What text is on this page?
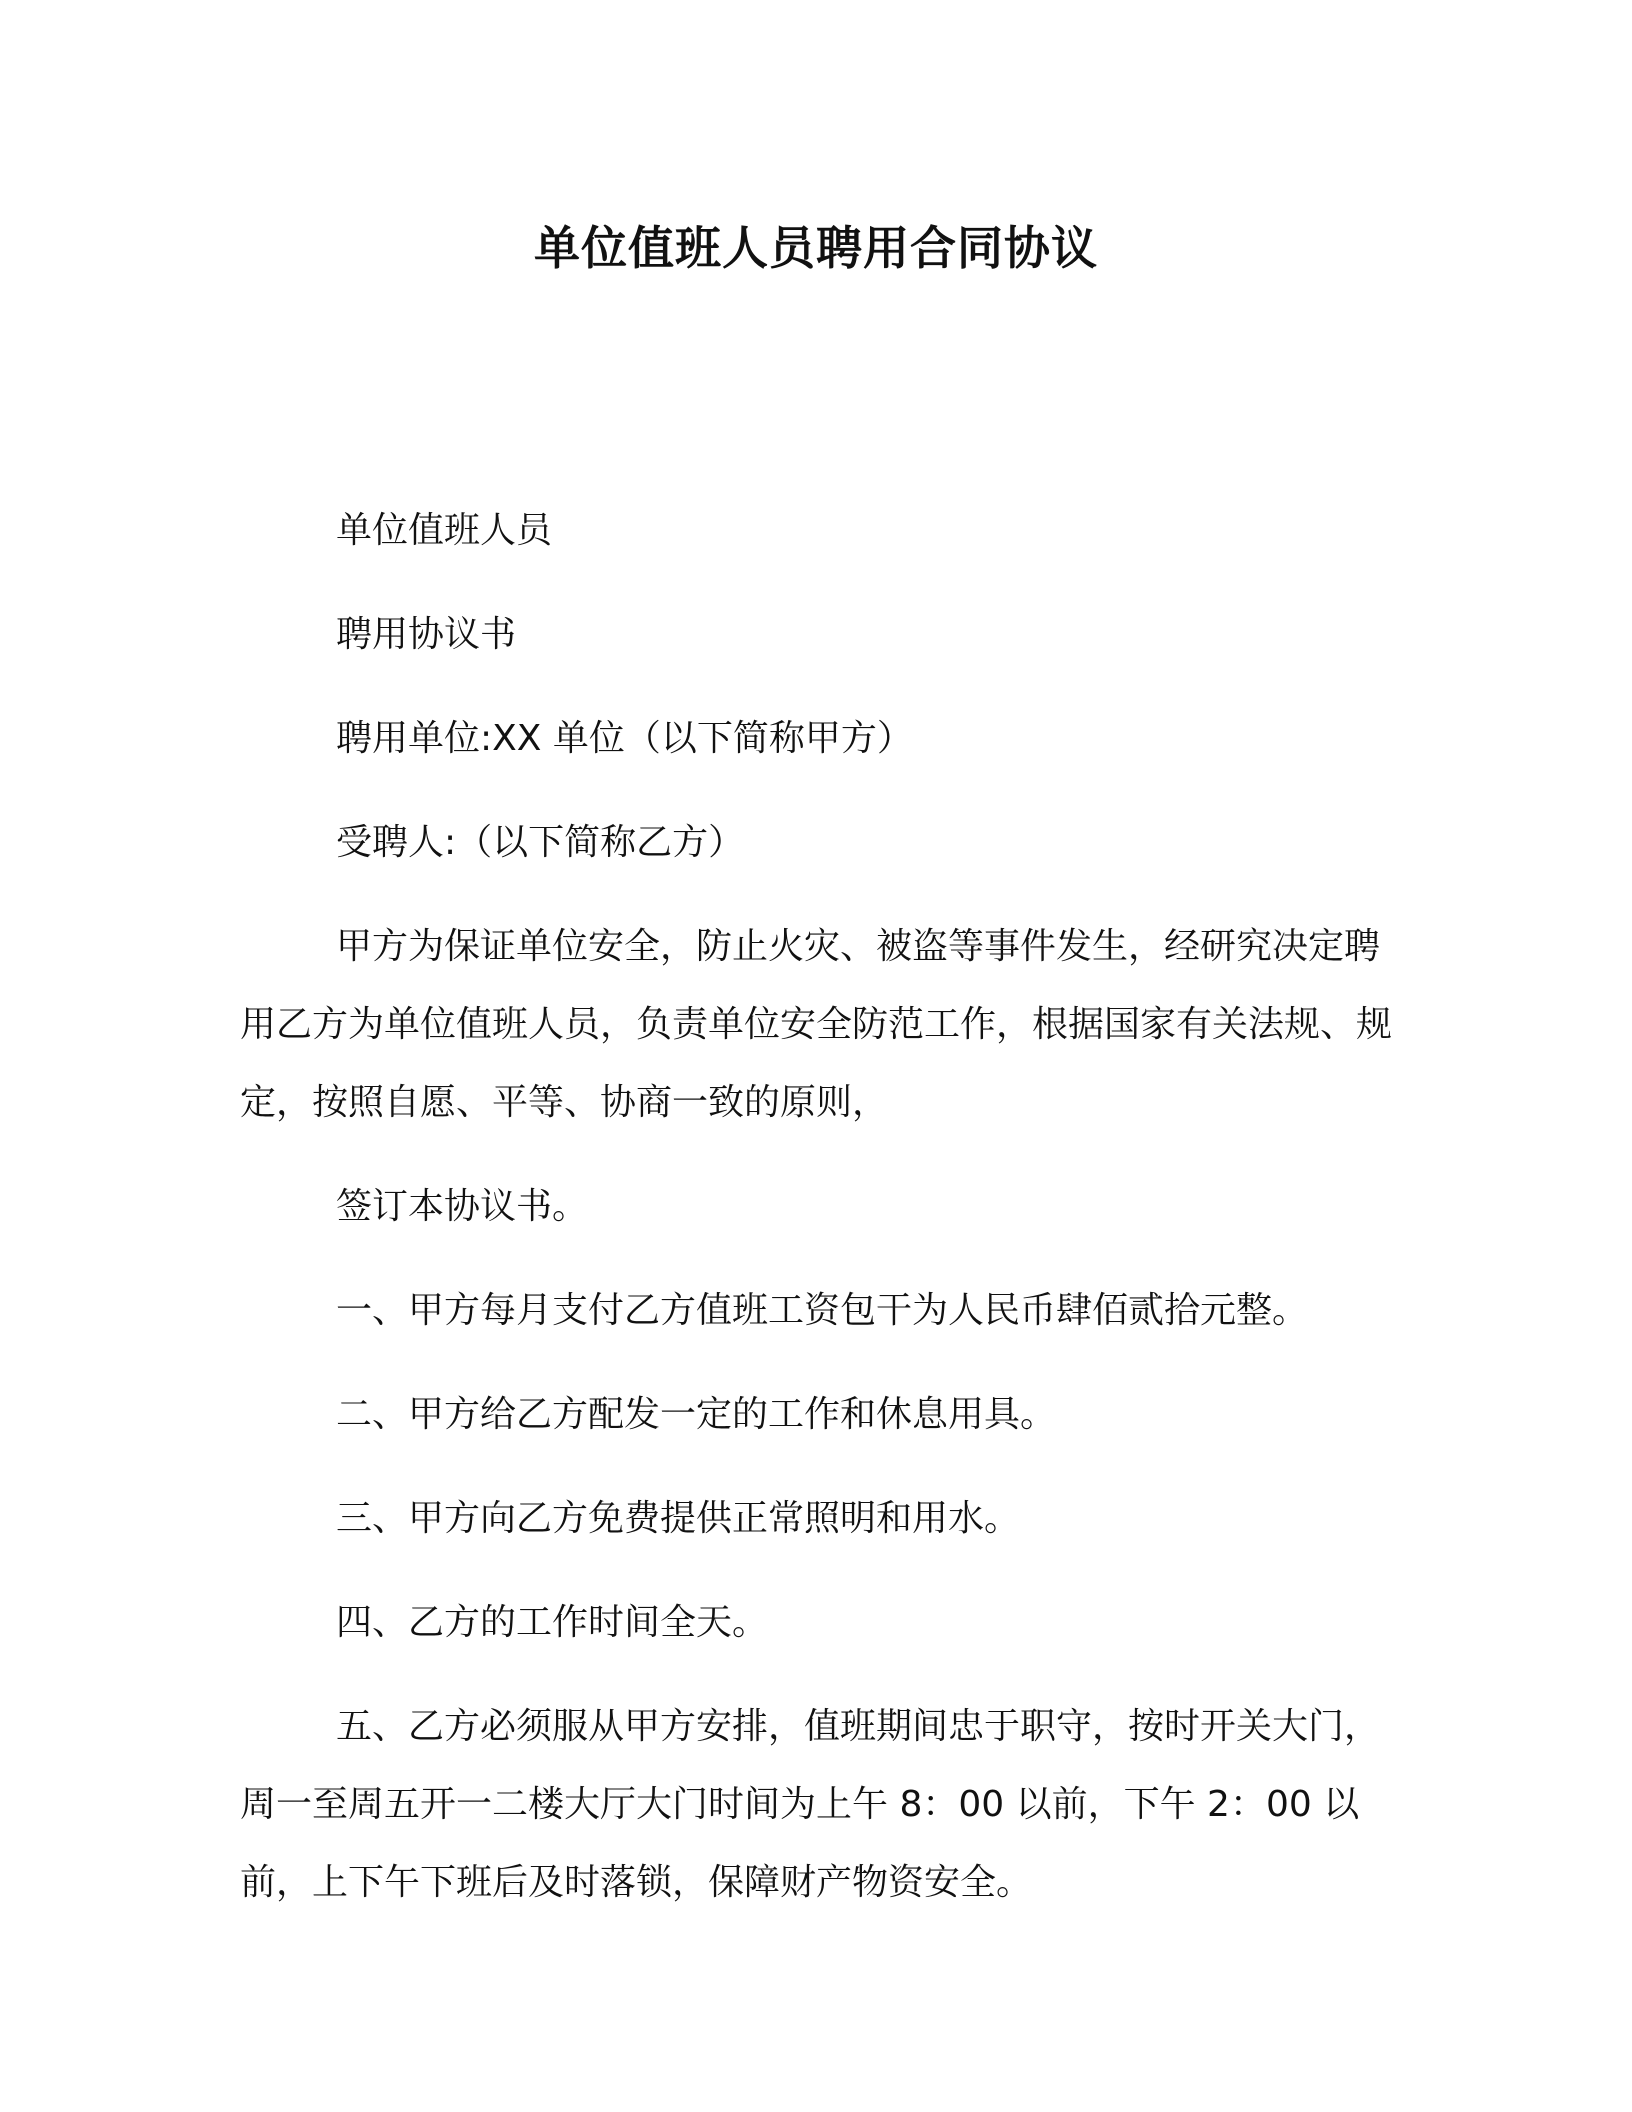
单位值班人员聘用合同协议

单位值班人员

聘用协议书

聘用单位:XX 单位（以下简称甲方）

受聘人:（以下简称乙方）

甲方为保证单位安全，防止火灾、被盗等事件发生，经研究决定聘用乙方为单位值班人员，负责单位安全防范工作，根据国家有关法规、规定，按照自愿、平等、协商一致的原则，

签订本协议书。

一、甲方每月支付乙方值班工资包干为人民币肆佰贰拾元整。

二、甲方给乙方配发一定的工作和休息用具。

三、甲方向乙方免费提供正常照明和用水。

四、乙方的工作时间全天。

五、乙方必须服从甲方安排，值班期间忠于职守，按时开关大门，周一至周五开一二楼大厅大门时间为上午 8：00 以前，下午 2：00 以前，上下午下班后及时落锁，保障财产物资安全。
